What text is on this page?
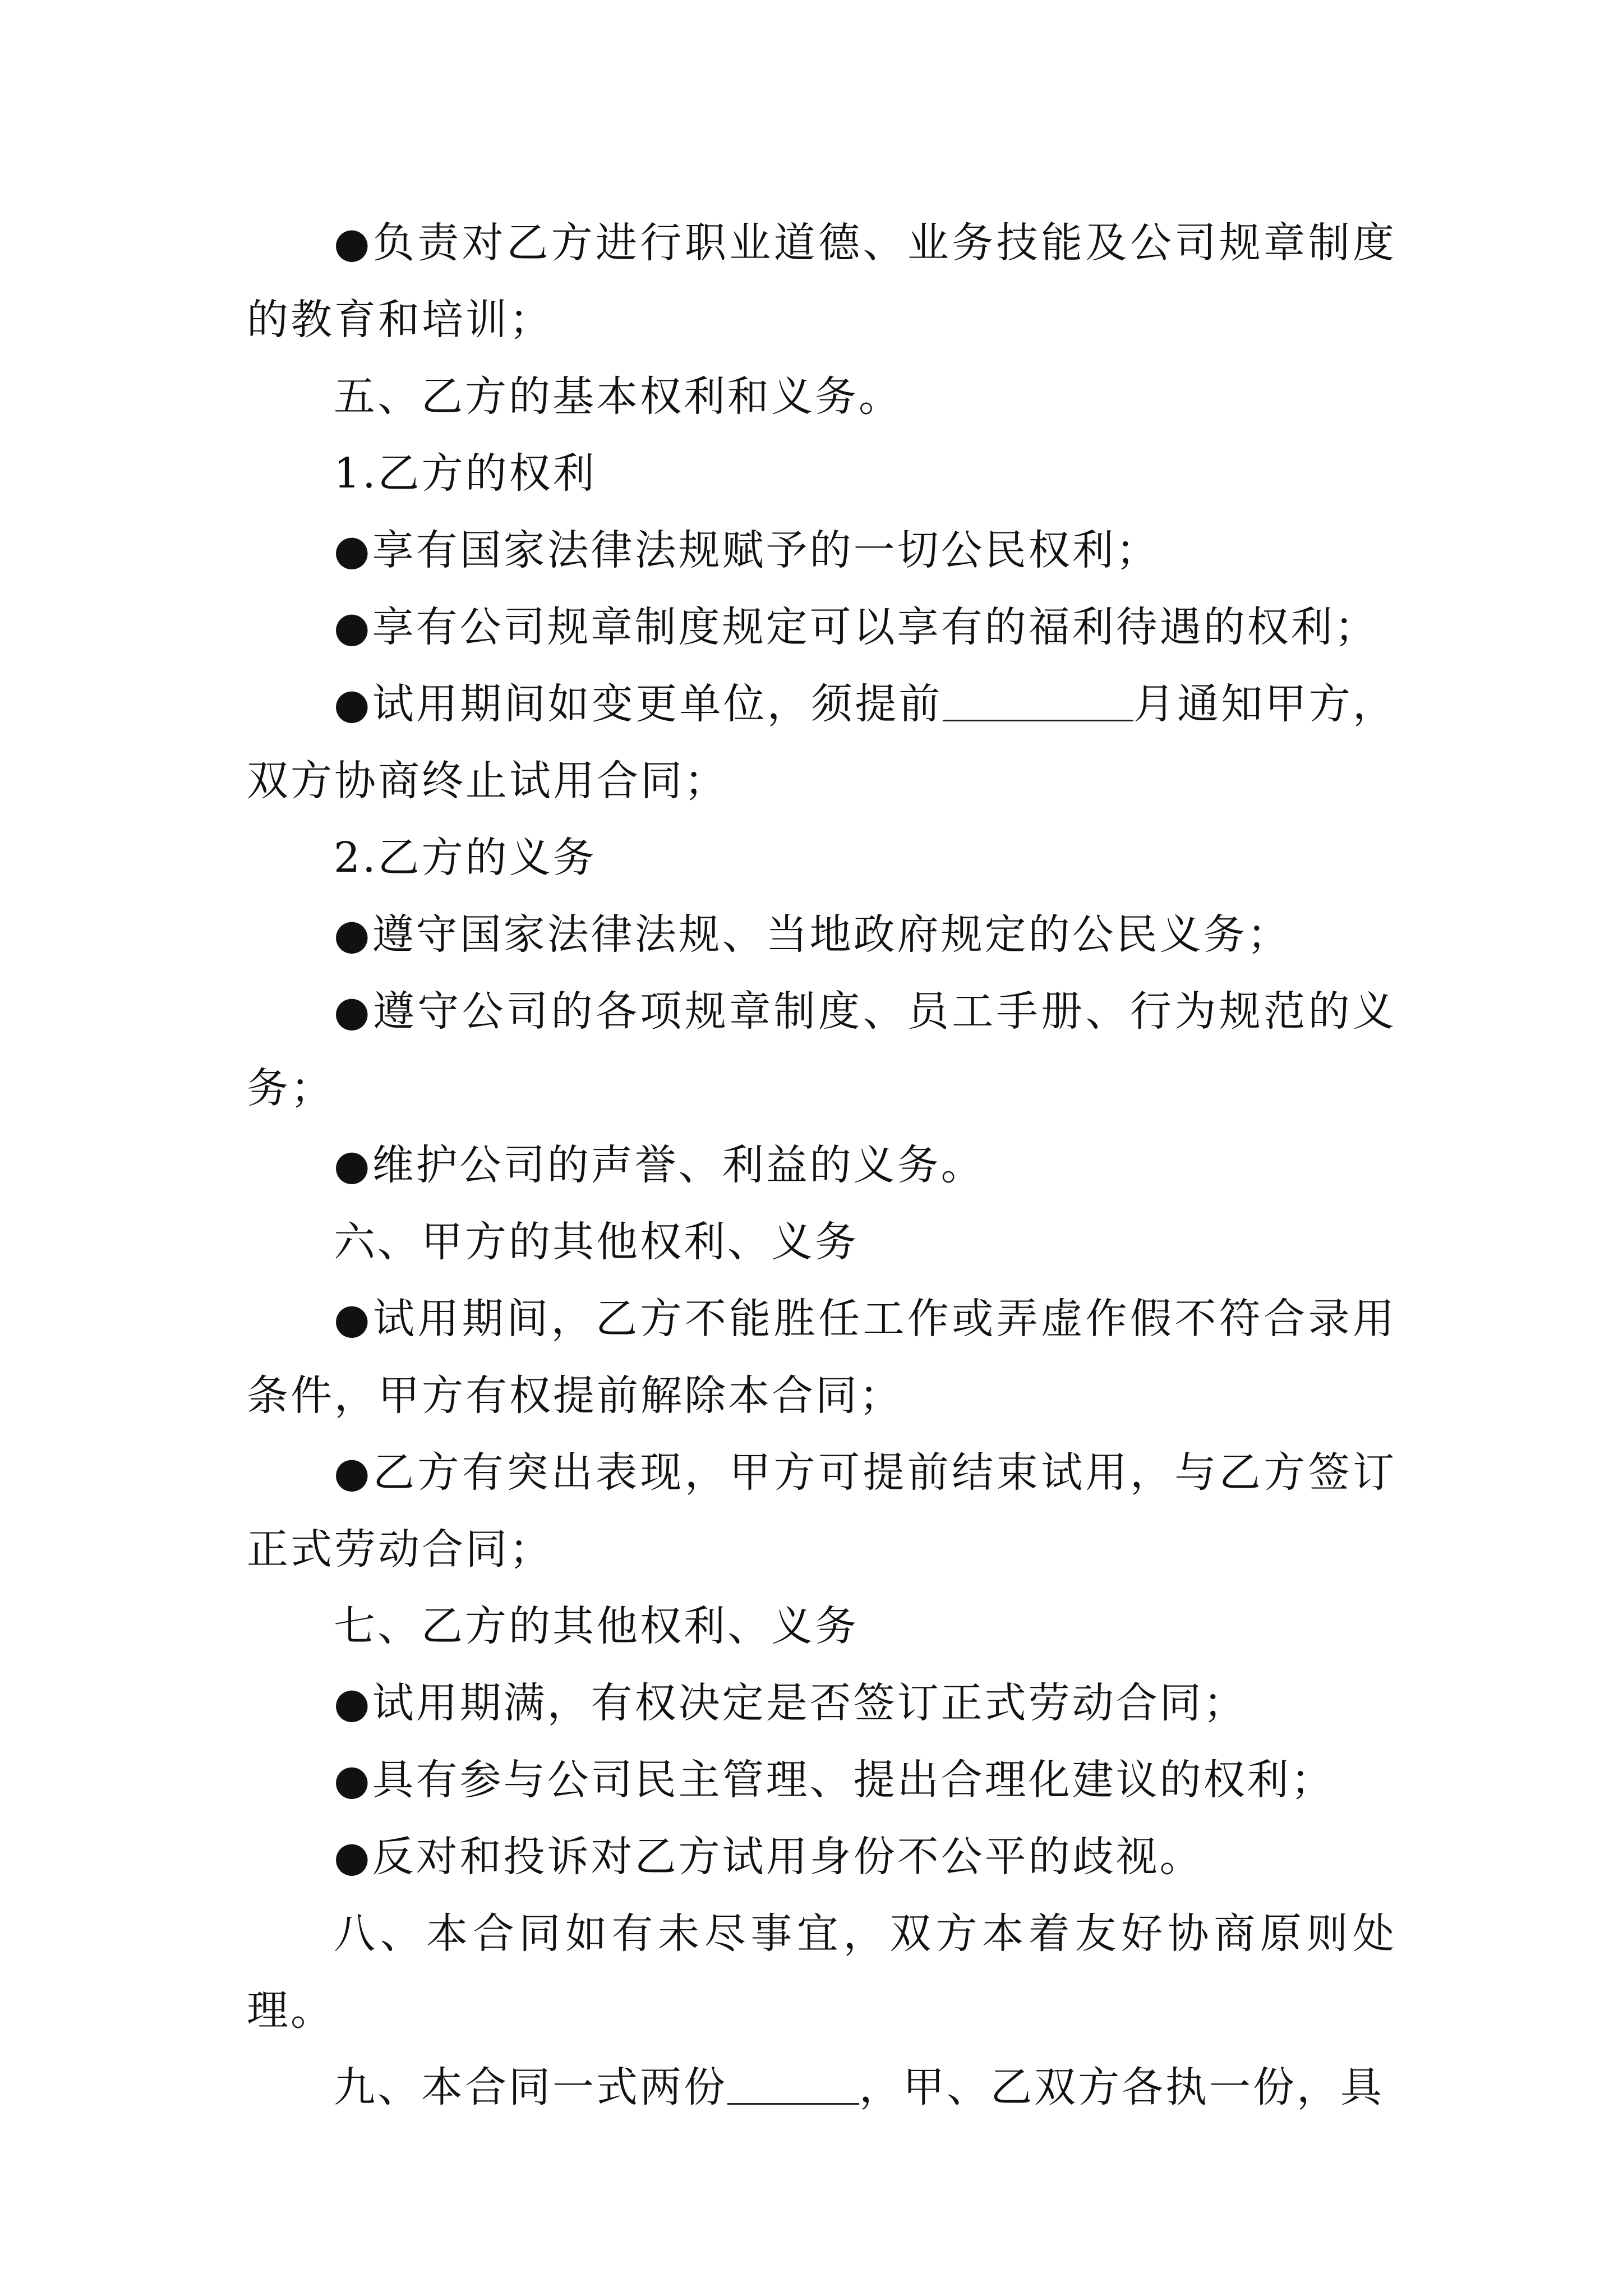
●负责对乙方进行职业道德、业务技能及公司规章制度的教育和培训；

五、乙方的基本权利和义务。

1.乙方的权利

●享有国家法律法规赋予的一切公民权利；

●享有公司规章制度规定可以享有的福利待遇的权利；

●试用期间如变更单位，须提前	月通知甲方，双方协商终止试用合同；

2.乙方的义务

●遵守国家法律法规、当地政府规定的公民义务；

●遵守公司的各项规章制度、员工手册、行为规范的义务；

●维护公司的声誉、利益的义务。

六、甲方的其他权利、义务

●试用期间，乙方不能胜任工作或弄虚作假不符合录用条件，甲方有权提前解除本合同；

●乙方有突出表现，甲方可提前结束试用，与乙方签订正式劳动合同；

七、乙方的其他权利、义务

●试用期满，有权决定是否签订正式劳动合同；

●具有参与公司民主管理、提出合理化建议的权利；

●反对和投诉对乙方试用身份不公平的歧视。

八、本合同如有未尽事宜，双方本着友好协商原则处理。

九、本合同一式两份	，甲、乙双方各执一份，具
